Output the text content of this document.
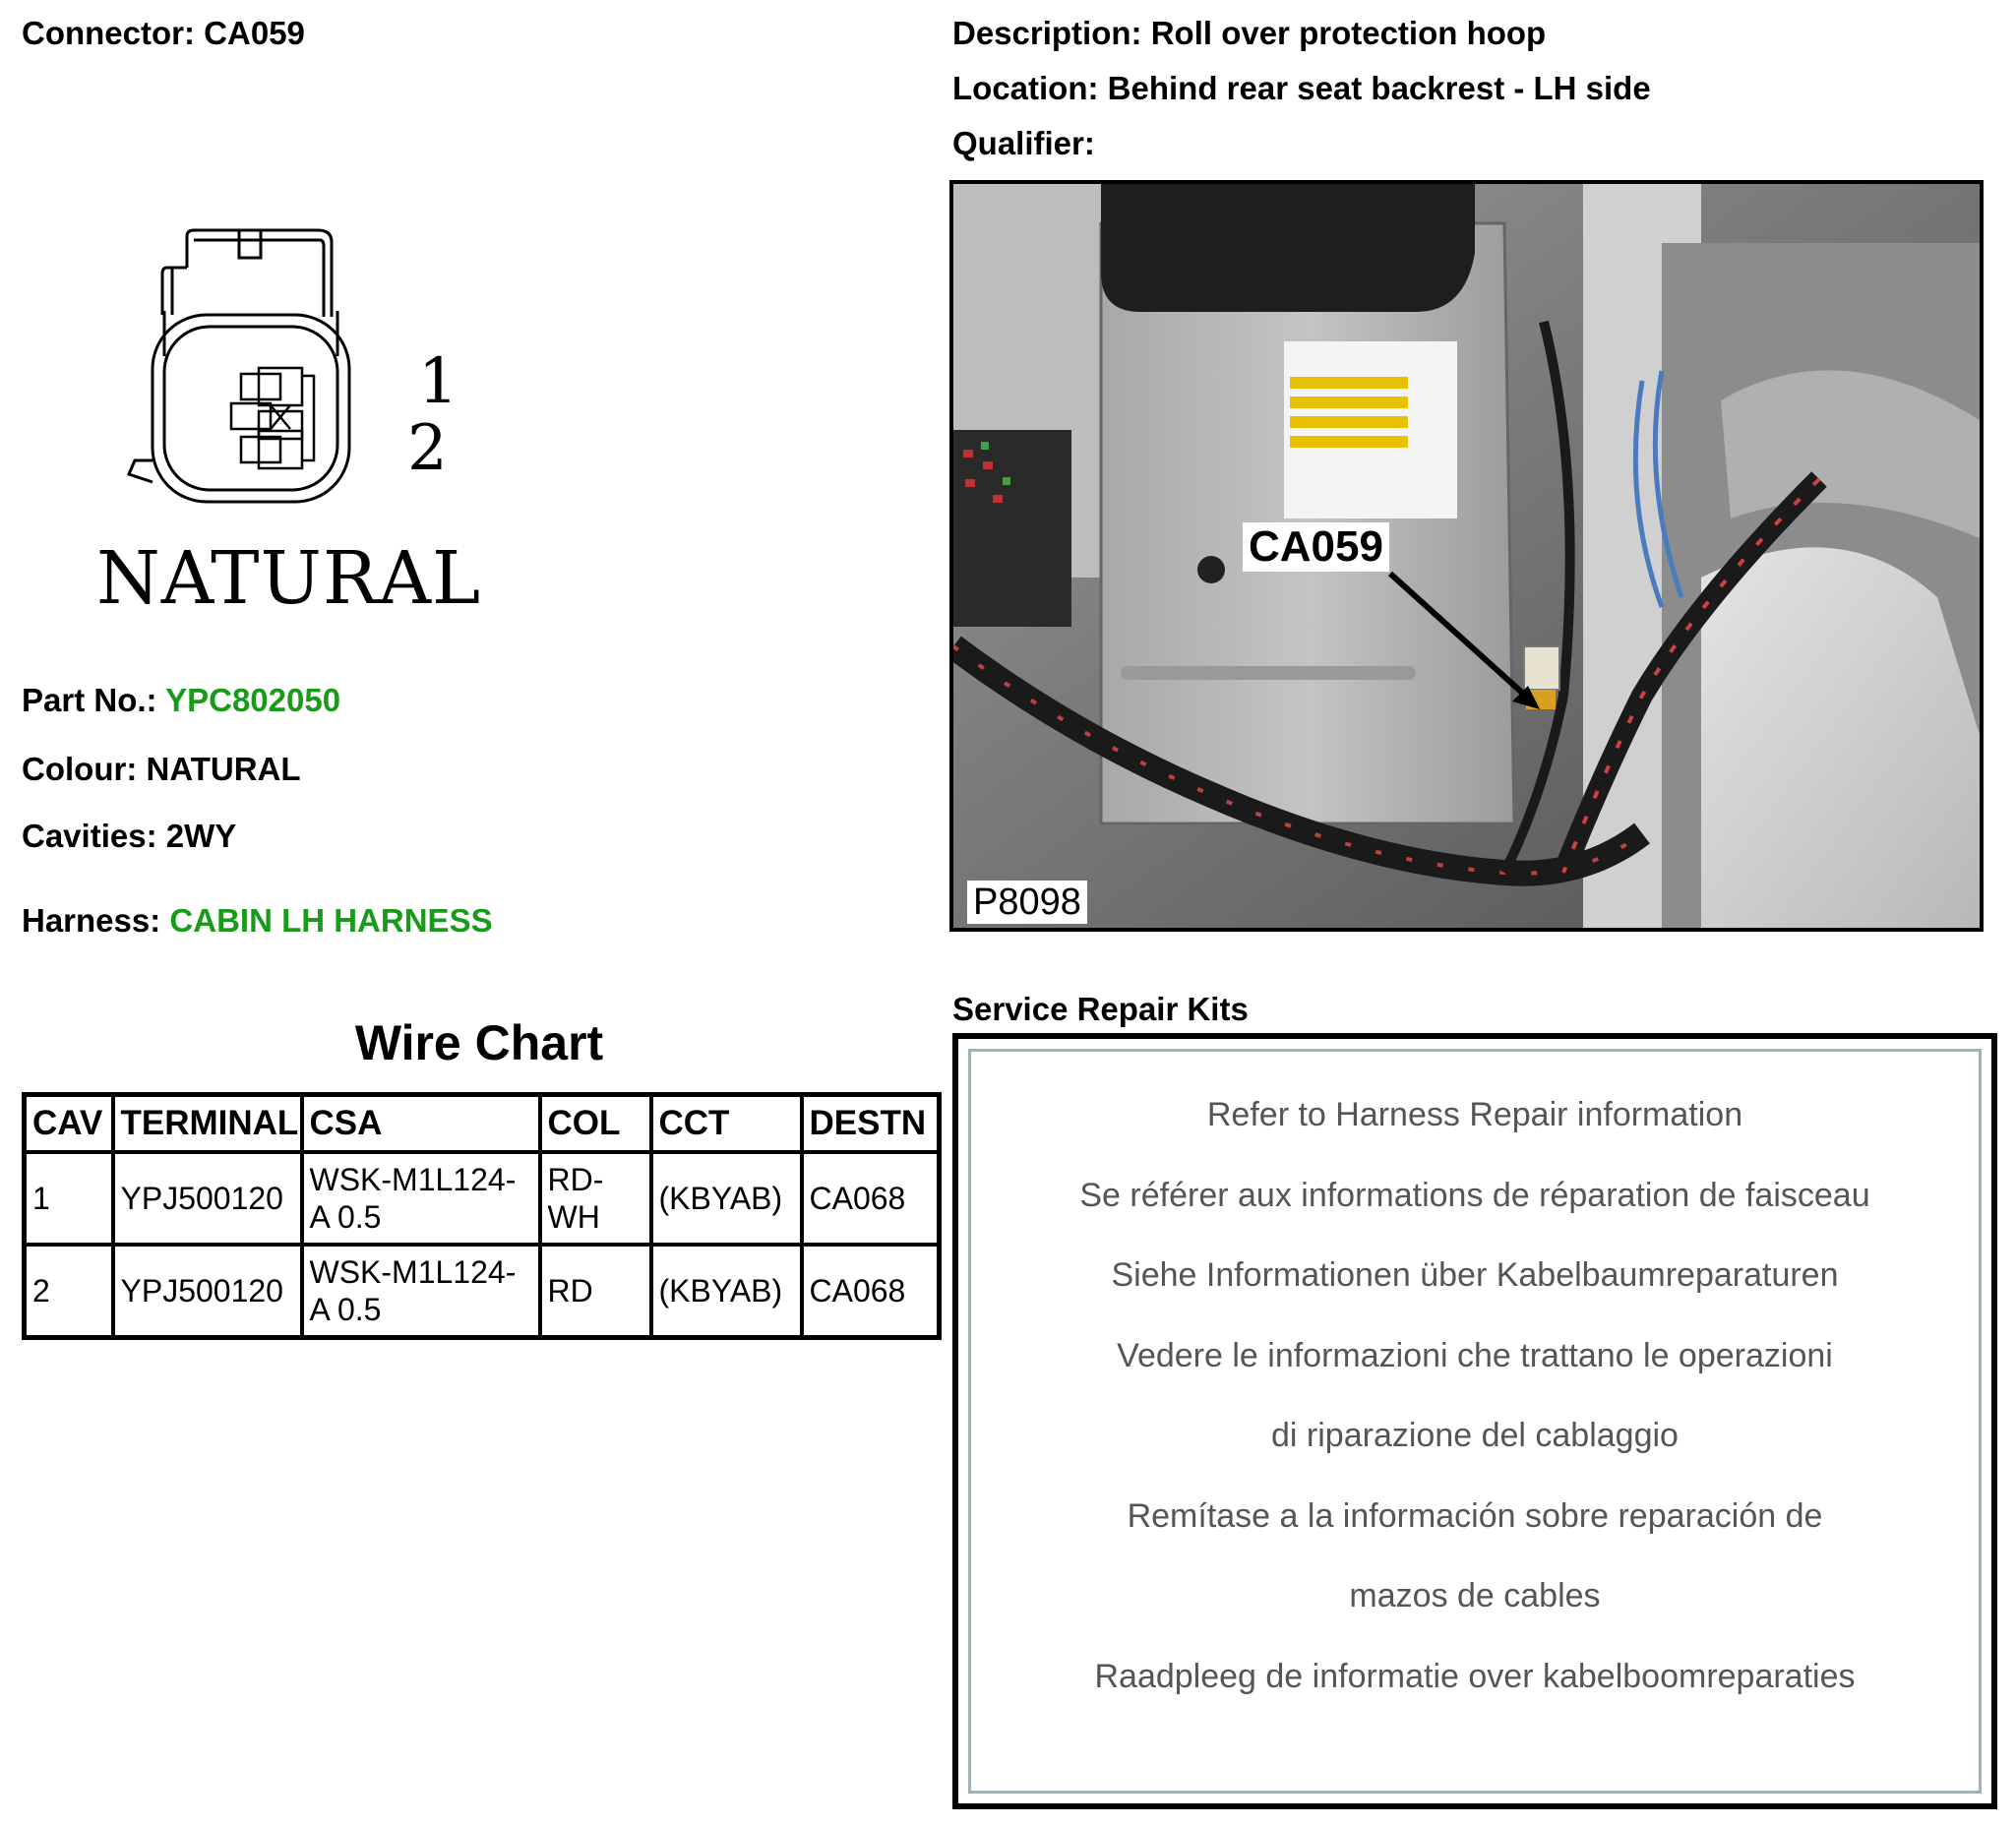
Connector: CA059
1
2
NATURAL
Part No.: YPC802050
Colour: NATURAL
Cavities: 2WY
Harness: CABIN LH HARNESS
Wire Chart
CAV	TERMINAL	CSA	COL	CCT	DESTN
1	YPJ500120	WSK-M1L124-A 0.5	RD-WH	(KBYAB)	CA068
2	YPJ500120	WSK-M1L124-A 0.5	RD	(KBYAB)	CA068
Description: Roll over protection hoop
Location: Behind rear seat backrest - LH side
Qualifier:
CA059
P8098
Service Repair Kits
Refer to Harness Repair information
Se référer aux informations de réparation de faisceau
Siehe Informationen über Kabelbaumreparaturen
Vedere le informazioni che trattano le operazioni
di riparazione del cablaggio
Remítase a la información sobre reparación de
mazos de cables
Raadpleeg de informatie over kabelboomreparaties
